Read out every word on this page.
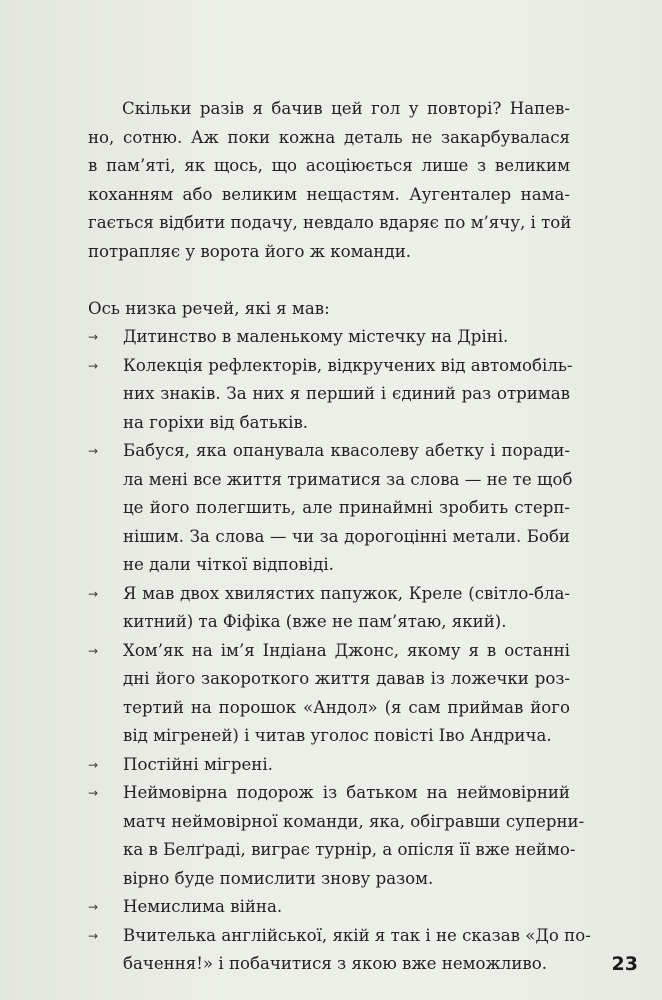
Скільки разів я бачив цей гол у повторі? Напев-
но, сотню. Аж поки кожна деталь не закарбувалася
в пам’яті, як щось, що асоціюється лише з великим
коханням або великим нещастям. Аугенталер нама-
гається відбити подачу, невдало вдаряє по м’ячу, і той
потрапляє у ворота його ж команди.

Ось низка речей, які я мав:

→ Дитинство в маленькому містечку на Дріні.
→ Колекція рефлекторів, відкручених від автомобіль-
них знаків. За них я перший і єдиний раз отримав
на горіхи від батьків.
→ Бабуся, яка опанувала квасолеву абетку і поради-
ла мені все життя триматися за слова — не те щоб
це його полегшить, але принаймні зробить стерп-
нішим. За слова — чи за дорогоцінні метали. Боби
не дали чіткої відповіді.
→ Я мав двох хвилястих папужок, Креле (світло-бла-
китний) та Фіфіка (вже не пам’ятаю, який).
→ Хом’як на ім’я Індіана Джонс, якому я в останні
дні його закороткого життя давав із ложечки роз-
тертий на порошок «Андол» (я сам приймав його
від мігреней) і читав уголос повісті Іво Андрича.
→ Постійні мігрені.
→ Неймовірна подорож із батьком на неймовірний
матч неймовірної команди, яка, обігравши суперни-
ка в Белґраді, виграє турнір, а опісля її вже неймо-
вірно буде помислити знову разом.
→ Немислима війна.
→ Вчителька англійської, якій я так і не сказав «До по-
бачення!» і побачитися з якою вже неможливо.	23
